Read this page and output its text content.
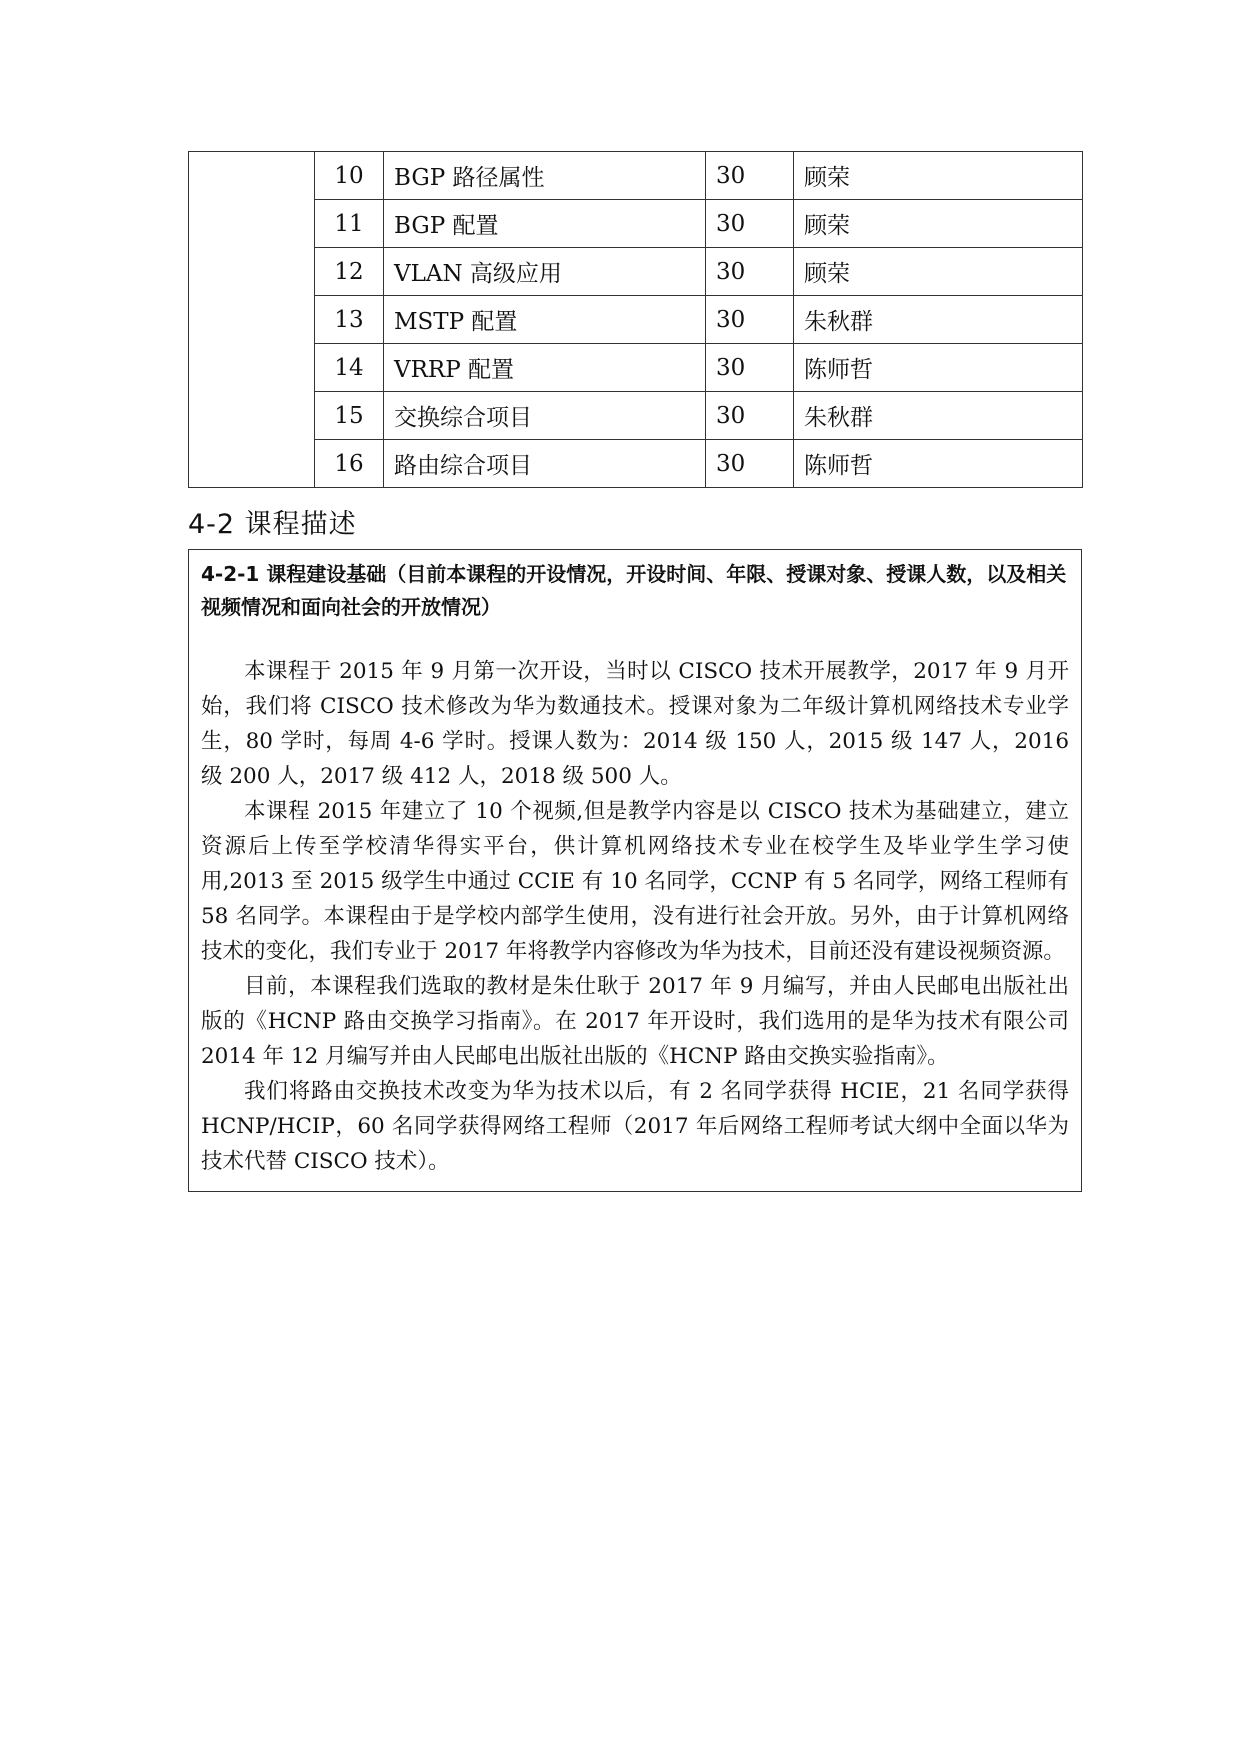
	10	BGP 路径属性	30	顾荣
	11	BGP 配置	30	顾荣
	12	VLAN 高级应用	30	顾荣
	13	MSTP 配置	30	朱秋群
	14	VRRP 配置	30	陈师哲
	15	交换综合项目	30	朱秋群
	16	路由综合项目	30	陈师哲
4-2 课程描述

4-2-1 课程建设基础（目前本课程的开设情况，开设时间、年限、授课对象、授课人数，以及相关视频情况和面向社会的开放情况）

本课程于 2015 年 9 月第一次开设，当时以 CISCO 技术开展教学，2017 年 9 月开始，我们将 CISCO 技术修改为华为数通技术。授课对象为二年级计算机网络技术专业学生，80 学时，每周 4-6 学时。授课人数为：2014 级 150 人，2015 级 147 人，2016 级 200 人，2017 级 412 人，2018 级 500 人。

本课程 2015 年建立了 10 个视频,但是教学内容是以 CISCO 技术为基础建立，建立资源后上传至学校清华得实平台，供计算机网络技术专业在校学生及毕业学生学习使用,2013 至 2015 级学生中通过 CCIE 有 10 名同学，CCNP 有 5 名同学，网络工程师有 58 名同学。本课程由于是学校内部学生使用，没有进行社会开放。另外，由于计算机网络技术的变化，我们专业于 2017 年将教学内容修改为华为技术，目前还没有建设视频资源。

目前，本课程我们选取的教材是朱仕耿于 2017 年 9 月编写，并由人民邮电出版社出版的《HCNP 路由交换学习指南》。在 2017 年开设时，我们选用的是华为技术有限公司 2014 年 12 月编写并由人民邮电出版社出版的《HCNP 路由交换实验指南》。

我们将路由交换技术改变为华为技术以后，有 2 名同学获得 HCIE，21 名同学获得 HCNP/HCIP，60 名同学获得网络工程师（2017 年后网络工程师考试大纲中全面以华为技术代替 CISCO 技术）。
